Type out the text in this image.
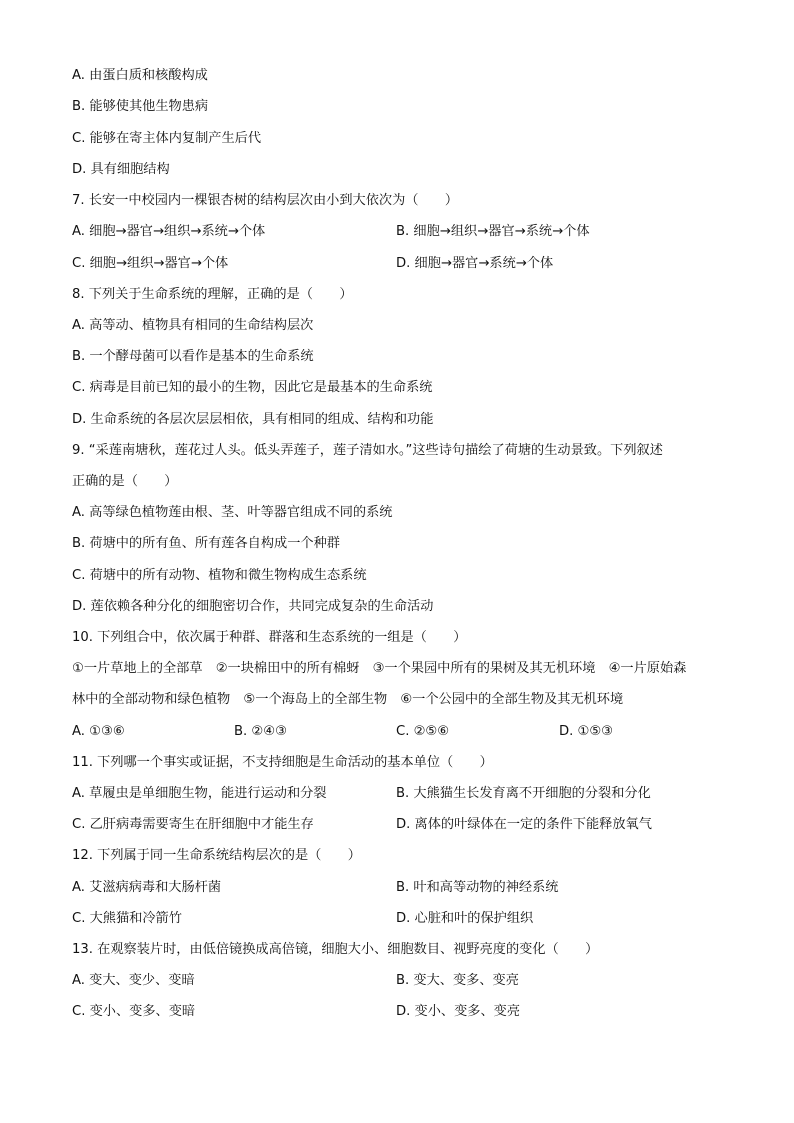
A. 由蛋白质和核酸构成
B. 能够使其他生物患病
C. 能够在寄主体内复制产生后代
D. 具有细胞结构
7. 长安一中校园内一棵银杏树的结构层次由小到大依次为（　　）
A. 细胞→器官→组织→系统→个体	B. 细胞→组织→器官→系统→个体
C. 细胞→组织→器官→个体	D. 细胞→器官→系统→个体
8. 下列关于生命系统的理解，正确的是（　　）
A. 高等动、植物具有相同的生命结构层次
B. 一个酵母菌可以看作是基本的生命系统
C. 病毒是目前已知的最小的生物，因此它是最基本的生命系统
D. 生命系统的各层次层层相依，具有相同的组成、结构和功能
9. “采莲南塘秋，莲花过人头。低头弄莲子，莲子清如水。”这些诗句描绘了荷塘的生动景致。下列叙述
正确的是（　　）
A. 高等绿色植物莲由根、茎、叶等器官组成不同的系统
B. 荷塘中的所有鱼、所有莲各自构成一个种群
C. 荷塘中的所有动物、植物和微生物构成生态系统
D. 莲依赖各种分化的细胞密切合作，共同完成复杂的生命活动
10. 下列组合中，依次属于种群、群落和生态系统的一组是（　　）
①一片草地上的全部草　②一块棉田中的所有棉蚜　③一个果园中所有的果树及其无机环境　④一片原始森
林中的全部动物和绿色植物　⑤一个海岛上的全部生物　⑥一个公园中的全部生物及其无机环境
A. ①③⑥	B. ②④③	C. ②⑤⑥	D. ①⑤③
11. 下列哪一个事实或证据，不支持细胞是生命活动的基本单位（　　）
A. 草履虫是单细胞生物，能进行运动和分裂	B. 大熊猫生长发育离不开细胞的分裂和分化
C. 乙肝病毒需要寄生在肝细胞中才能生存	D. 离体的叶绿体在一定的条件下能释放氧气
12. 下列属于同一生命系统结构层次的是（　　）
A. 艾滋病病毒和大肠杆菌	B. 叶和高等动物的神经系统
C. 大熊猫和冷箭竹	D. 心脏和叶的保护组织
13. 在观察装片时，由低倍镜换成高倍镜，细胞大小、细胞数目、视野亮度的变化（　　）
A. 变大、变少、变暗	B. 变大、变多、变亮
C. 变小、变多、变暗	D. 变小、变多、变亮
